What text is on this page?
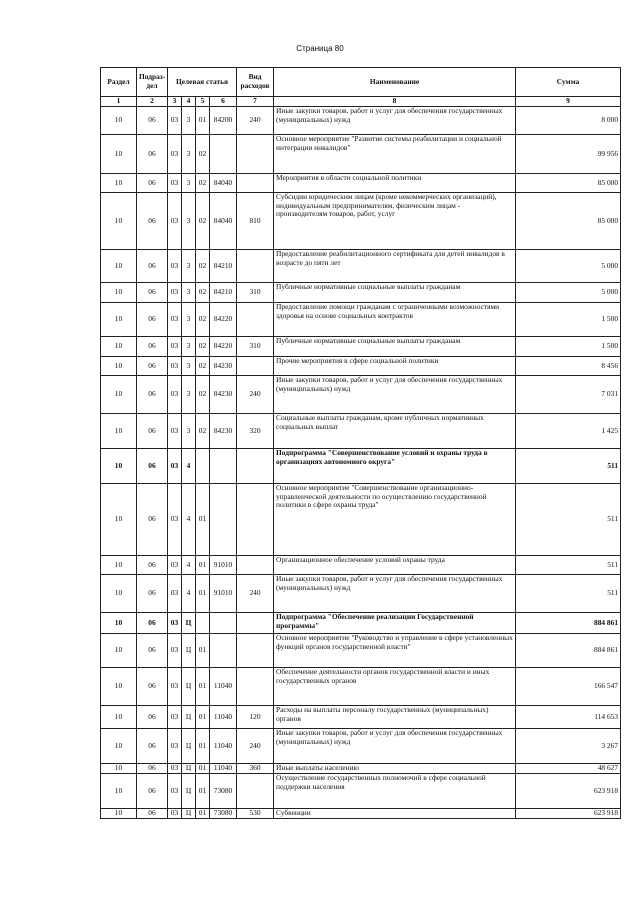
Страница 80
Раздел	Подраз-дел	Целевая статья				Вид расходов	Наименование	Сумма
1	2	3	4	5	6	7	8	9
10	06	03	3	01	84200	240	Иные закупки товаров, работ и услуг для обеспечения государственных (муниципальных) нужд	8 000
10	06	03	3	02			Основное мероприятие "Развитие системы реабилитации и социальной интеграции инвалидов"	99 956
10	06	03	3	02	84040		Мероприятия в области социальной политики	85 000
10	06	03	3	02	84040	810	Субсидии юридическим лицам (кроме некоммерческих организаций), индивидуальным предпринимателям, физическим лицам - производителям товаров, работ, услуг	85 000
10	06	03	3	02	84210		Предоставление реабилитационного сертификата для детей инвалидов в возрасте до пяти лет	5 000
10	06	03	3	02	84210	310	Публичные нормативные социальные выплаты гражданам	5 000
10	06	03	3	02	84220		Предоставление помощи гражданам с ограниченными возможностями здоровья на основе социальных контрактов	1 500
10	06	03	3	02	84220	310	Публичные нормативные социальные выплаты гражданам	1 500
10	06	03	3	02	84230		Прочие мероприятия в сфере социальной политики	8 456
10	06	03	3	02	84230	240	Иные закупки товаров, работ и услуг для обеспечения государственных (муниципальных) нужд	7 031
10	06	03	3	02	84230	320	Социальные выплаты гражданам, кроме публичных нормативных социальных выплат	1 425
10	06	03	4				Подпрограмма "Совершенствование условий и охраны труда в организациях автономного округа"	511
10	06	03	4	01			Основное мероприятие "Совершенствование организационно-управленческой деятельности по осуществлению государственной политики в сфере охраны труда"	511
10	06	03	4	01	91010		Организационное обеспечение условий охраны труда	511
10	06	03	4	01	91010	240	Иные закупки товаров, работ и услуг для обеспечения государственных (муниципальных) нужд	511
10	06	03	Ц				Подпрограмма "Обеспечение реализации Государственной программы"	884 861
10	06	03	Ц	01			Основное мероприятие "Руководство и управление в сфере установленных функций органов государственной власти"	884 861
10	06	03	Ц	01	11040		Обеспечение деятельности органов государственной власти и иных государственных органов	166 547
10	06	03	Ц	01	11040	120	Расходы на выплаты персоналу государственных (муниципальных) органов	114 653
10	06	03	Ц	01	11040	240	Иные закупки товаров, работ и услуг для обеспечения государственных (муниципальных) нужд	3 267
10	06	03	Ц	01	11040	360	Иные выплаты населению	48 627
10	06	03	Ц	01	73080		Осуществление государственных полномочий в сфере социальной поддержки населения	623 918
10	06	03	Ц	01	73080	530	Субвенции	623 918
